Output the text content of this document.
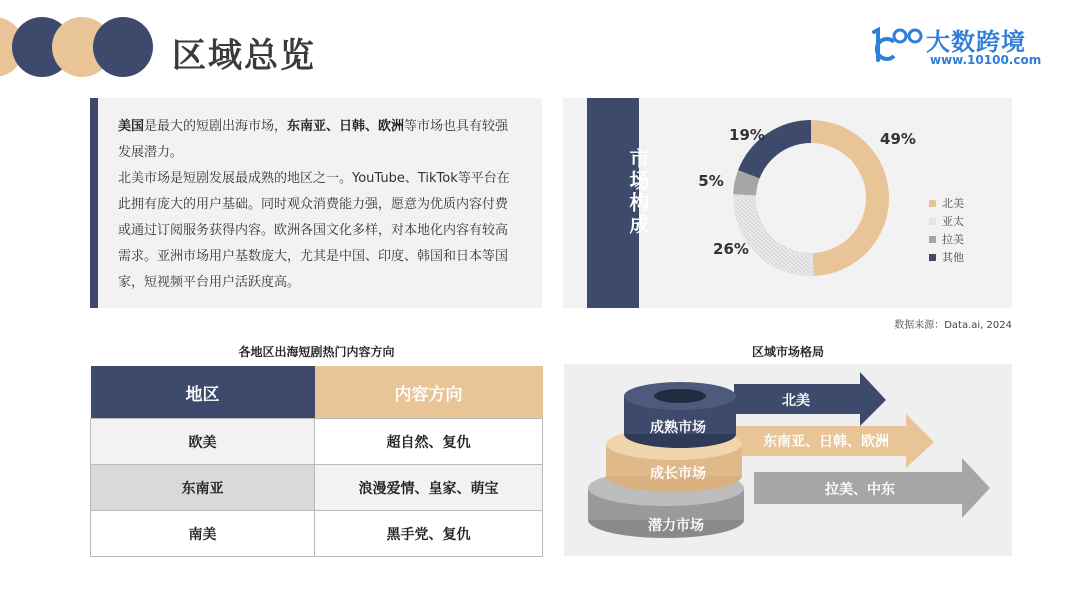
区域总览	大数跨境
www.10100.com
美国是最大的短剧出海市场，东南亚、日韩、欧洲等市场也具有较强发展潜力。
北美市场是短剧发展最成熟的地区之一。YouTube、TikTok等平台在此拥有庞大的用户基础。同时观众消费能力强，愿意为优质内容付费或通过订阅服务获得内容。欧洲各国文化多样，对本地化内容有较高需求。亚洲市场用户基数庞大，尤其是中国、印度、韩国和日本等国家，短视频平台用户活跃度高。
市场构成
49%
26%
5%
19%
北美
亚太
拉美
其他
数据来源：Data.ai, 2024
各地区出海短剧热门内容方向
地区	内容方向
欧美	超自然、复仇
东南亚	浪漫爱情、皇家、萌宝
南美	黑手党、复仇
区域市场格局
成熟市场
成长市场
潜力市场
北美
东南亚、日韩、欧洲
拉美、中东
